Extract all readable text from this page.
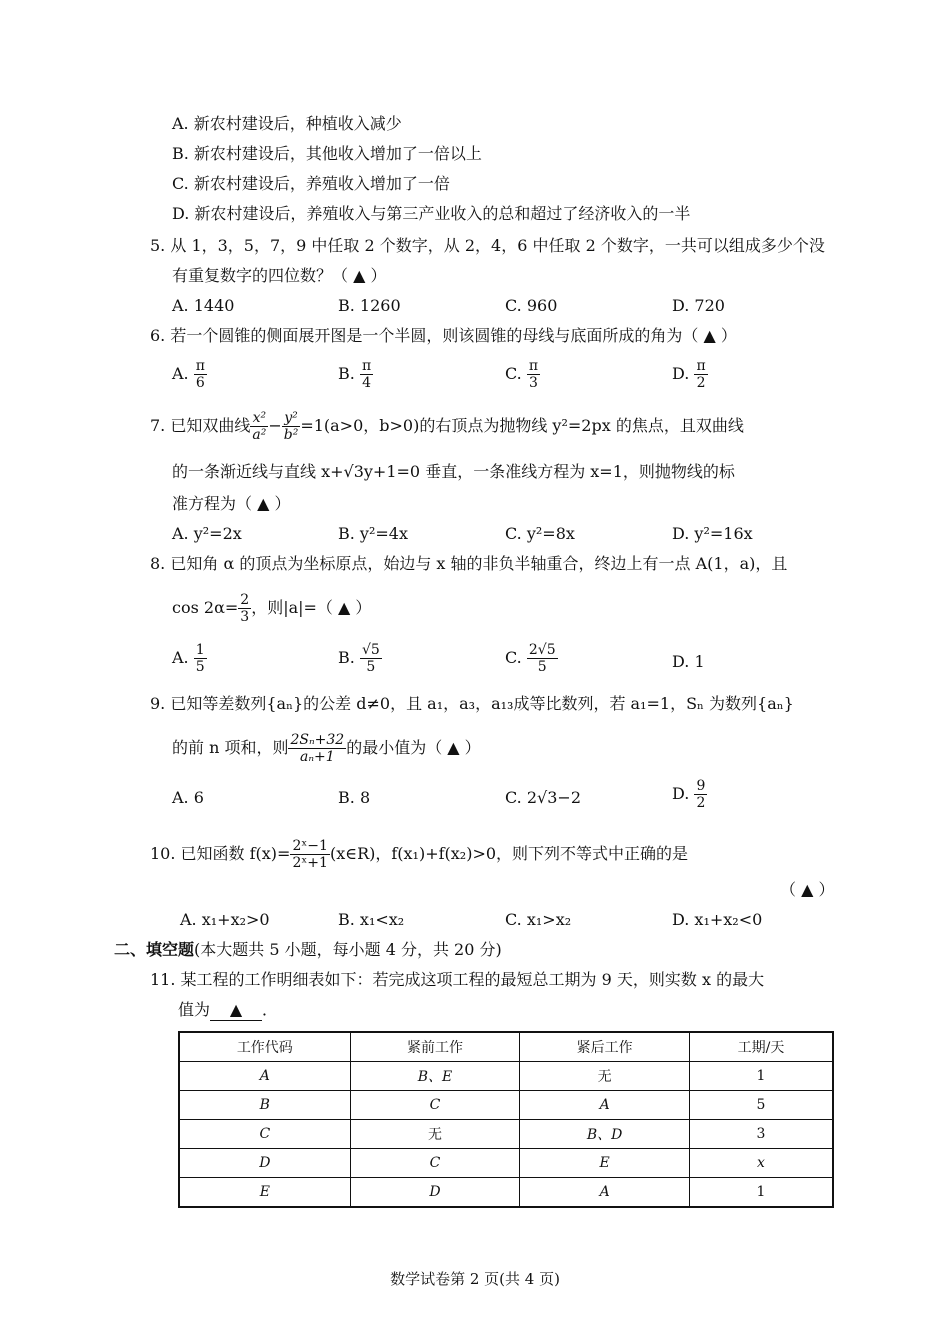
A. 新农村建设后，种植收入减少
B. 新农村建设后，其他收入增加了一倍以上
C. 新农村建设后，养殖收入增加了一倍
D. 新农村建设后，养殖收入与第三产业收入的总和超过了经济收入的一半
5. 从 1，3，5，7，9 中任取 2 个数字，从 2，4，6 中任取 2 个数字，一共可以组成多少个没
有重复数字的四位数？（ ▲ ）
A. 1440	B. 1260	C. 960	D. 720
6. 若一个圆锥的侧面展开图是一个半圆，则该圆锥的母线与底面所成的角为（ ▲ ）
A. $\frac{\pi}{6}$	B. $\frac{\pi}{4}$	C. $\frac{\pi}{3}$	D. $\frac{\pi}{2}$
7. 已知双曲线 $\frac{\text{x²}}{\text{a²}} - \frac{\text{y²}}{\text{b²}} =1(a>0$，b>0)的右顶点为抛物线 y²=2px 的焦点，且双曲线
的一条渐近线与直线 x+√3y+1=0 垂直，一条准线方程为 x=1，则抛物线的标
准方程为（ ▲ ）
A. y²=2x	B. y²=4x	C. y²=8x	D. y²=16x
8. 已知角 α 的顶点为坐标原点，始边与 x 轴的非负半轴重合，终边上有一点 A(1，a)，且
$\cos 2\alpha= \frac{2}{3}$ ，则|a|=（ ▲ ）
A. $\frac{1}{5}$	B. $\frac{√5}{5}$	C. $\frac{2√5}{5}$	D. 1
9. 已知等差数列{aₙ}的公差 d≠0，且 a₁，a₃，a₁₃成等比数列，若 a₁=1，Sₙ 为数列{aₙ}
的前 n 项和，则 $\frac{\text{2Sₙ+32}}{\text{aₙ+1}}$ 的最小值为（ ▲ ）
A. 6	B. 8	C. 2√3−2	D. $\frac{9}{2}$
10. 已知函数 $f(x)= \frac{\text{2ˣ−1}}{\text{2ˣ+1}}$ (x∈R)，f(x₁)+f(x₂)>0，则下列不等式中正确的是
（ ▲ ）
A. x₁+x₂>0	B. x₁<x₂	C. x₁>x₂	D. x₁+x₂<0
二、填空题(本大题共 5 小题，每小题 4 分，共 20 分)
11. 某工程的工作明细表如下：若完成这项工程的最短总工期为 9 天，则实数 x 的最大
值为 ▲ ．
工作代码	紧前工作	紧后工作	工期/天
A	B、E	无	1
B	C	A	5
C	无	B、D	3
D	C	E	x
E	D	A	1
数学试卷第 2 页(共 4 页)
